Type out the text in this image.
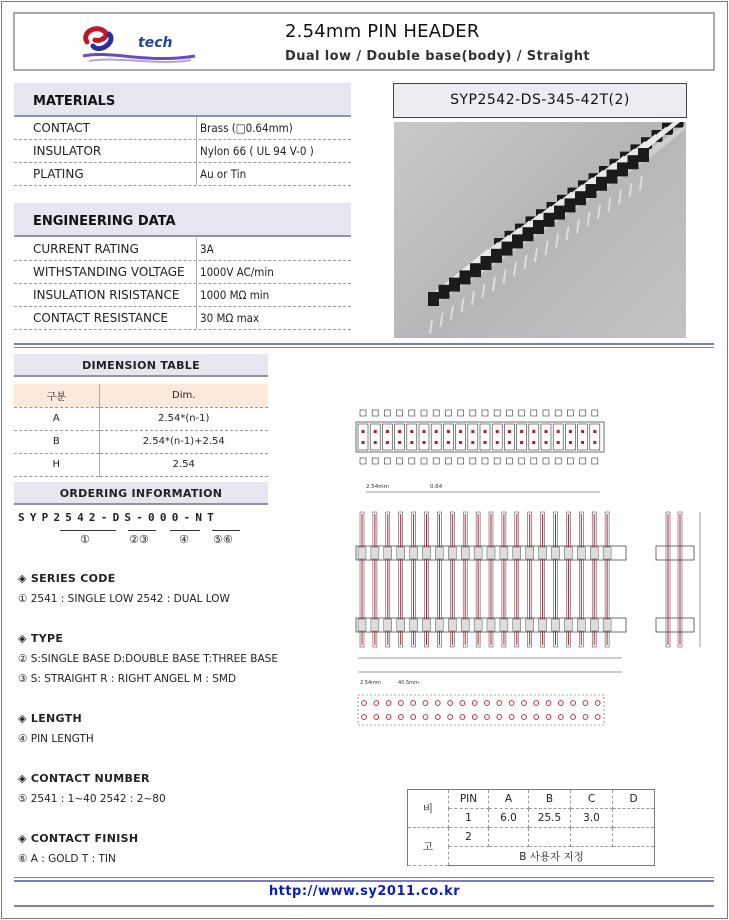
tech
2.54mm PIN HEADER
Dual low / Double base(body) / Straight
MATERIALS
CONTACT	Brass (□0.64mm)
INSULATOR	Nylon 66 ( UL 94 V-0 )
PLATING	Au or Tin
ENGINEERING DATA
CURRENT RATING	3A
WITHSTANDING VOLTAGE	1000V AC/min
INSULATION RISISTANCE	1000 MΩ min
CONTACT RESISTANCE	30 MΩ max
SYP2542-DS-345-42T(2)
DIMENSION TABLE
구분	Dim.
A	2.54*(n-1)
B	2.54*(n-1)+2.54
H	2.54
ORDERING INFORMATION
SYP2542-DS-000-NT
①	②③	④ ⑤⑥
◈ SERIES CODE
① 2541 : SINGLE LOW 2542 : DUAL LOW
◈ TYPE
② S:SINGLE BASE D:DOUBLE BASE T:THREE BASE
③ S: STRAIGHT R : RIGHT ANGEL M : SMD
◈ LENGTH
④ PIN LENGTH
◈ CONTACT NUMBER
⑤ 2541 : 1~40 2542 : 2~80
◈ CONTACT FINISH
⑥ A : GOLD T : TIN
2.54mm	0.64
2.54mm	40.5mm
비	PIN	A	B	C	D
	1	6.0	25.5	3.0	
고	2				
	B 사용자 지정				
http://www.sy2011.co.kr
